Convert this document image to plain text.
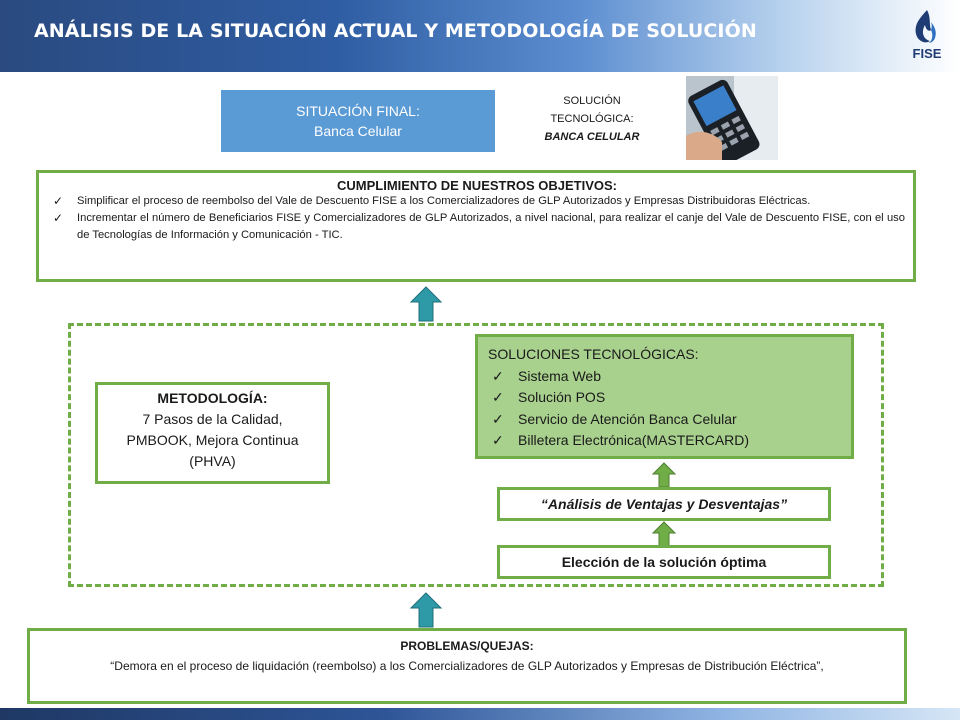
ANÁLISIS DE LA SITUACIÓN ACTUAL Y METODOLOGÍA DE SOLUCIÓN
FISE
SITUACIÓN FINAL:
Banca Celular
SOLUCIÓN
TECNOLÓGICA:
BANCA CELULAR
CUMPLIMIENTO DE NUESTROS OBJETIVOS:
✓ Simplificar el proceso de reembolso del Vale de Descuento FISE a los Comercializadores de GLP Autorizados y Empresas Distribuidoras Eléctricas.
✓ Incrementar el número de Beneficiarios FISE y Comercializadores de GLP Autorizados, a nivel nacional, para realizar el canje del Vale de Descuento FISE, con el uso de Tecnologías de Información y Comunicación - TIC.
METODOLOGÍA:
7 Pasos de la Calidad,
PMBOOK, Mejora Continua
(PHVA)
SOLUCIONES TECNOLÓGICAS:
✓ Sistema Web
✓ Solución POS
✓ Servicio de Atención Banca Celular
✓ Billetera Electrónica(MASTERCARD)
“Análisis de Ventajas y Desventajas”
Elección de la solución óptima
PROBLEMAS/QUEJAS:
“Demora en el proceso de liquidación (reembolso) a los Comercializadores de GLP Autorizados y Empresas de Distribución Eléctrica”,
